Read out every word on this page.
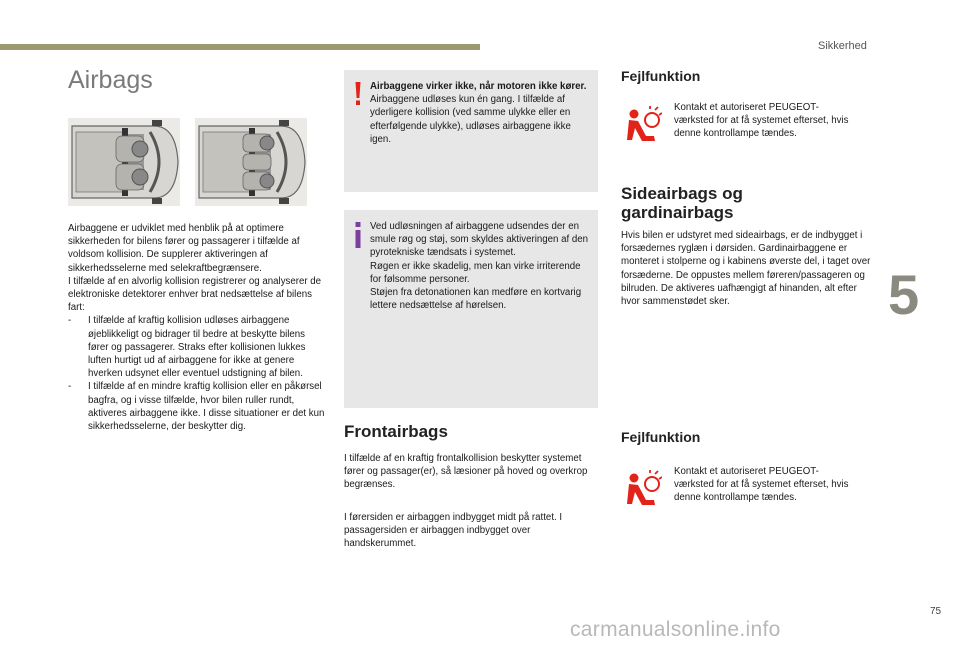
Sikkerhed
5
75
carmanualsonline.info
Airbags

Airbaggene er udviklet med henblik på at optimere sikkerheden for bilens fører og passagerer i tilfælde af voldsom kollision. De supplerer aktiveringen af sikkerhedsselerne med selekraftbegrænsere.

I tilfælde af en alvorlig kollision registrerer og analyserer de elektroniske detektorer enhver brat nedsættelse af bilens fart:

-	I tilfælde af kraftig kollision udløses airbaggene øjeblikkeligt og bidrager til bedre at beskytte bilens fører og passagerer. Straks efter kollisionen lukkes luften hurtigt ud af airbaggene for ikke at genere hverken udsynet eller eventuel udstigning af bilen.
-	I tilfælde af en mindre kraftig kollision eller en påkørsel bagfra, og i visse tilfælde, hvor bilen ruller rundt, aktiveres airbaggene ikke. I disse situationer er det kun sikkerhedsselerne, der beskytter dig.

Airbaggene virker ikke, når motoren ikke kører.

Airbaggene udløses kun én gang. I tilfælde af yderligere kollision (ved samme ulykke eller en efterfølgende ulykke), udløses airbaggene ikke igen.

Ved udløsningen af airbaggene udsendes der en smule røg og støj, som skyldes aktiveringen af den pyrotekniske tændsats i systemet.

Røgen er ikke skadelig, men kan virke irriterende for følsomme personer.

Støjen fra detonationen kan medføre en kortvarig lettere nedsættelse af hørelsen.

Frontairbags

I tilfælde af en kraftig frontalkollision beskytter systemet fører og passager(er), så læsioner på hoved og overkrop begrænses.

I førersiden er airbaggen indbygget midt på rattet. I passagersiden er airbaggen indbygget over handskerummet.

Fejlfunktion

Kontakt et autoriseret PEUGEOT-værksted for at få systemet efterset, hvis denne kontrollampe tændes.

Sideairbags og
gardinairbags

Hvis bilen er udstyret med sideairbags, er de indbygget i forsædernes ryglæn i dørsiden. Gardinairbaggene er monteret i stolperne og i kabinens øverste del, i taget over forsæderne. De oppustes mellem føreren/passageren og bilruden. De aktiveres uafhængigt af hinanden, alt efter hvor sammenstødet sker.

Fejlfunktion

Kontakt et autoriseret PEUGEOT-værksted for at få systemet efterset, hvis denne kontrollampe tændes.
